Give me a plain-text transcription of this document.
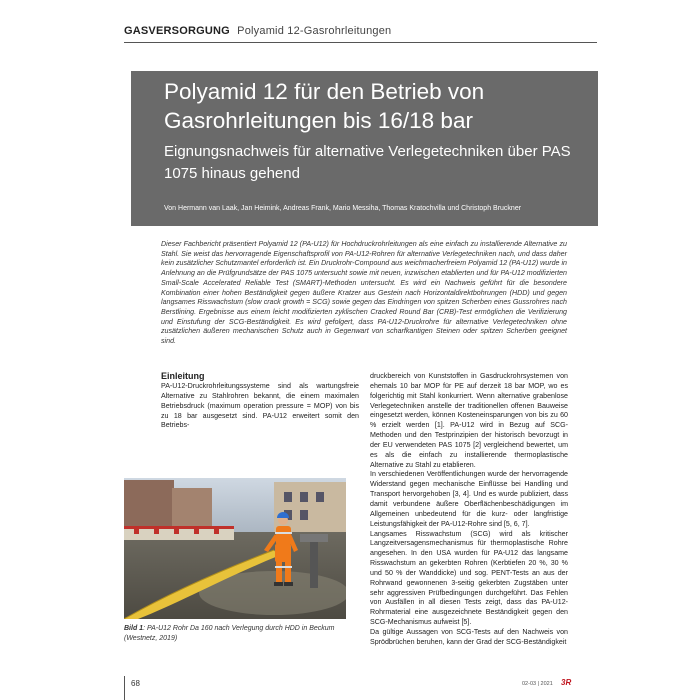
GASVERSORGUNG Polyamid 12-Gasrohrleitungen
Polyamid 12 für den Betrieb von Gasrohrleitungen bis 16/18 bar
Eignungsnachweis für alternative Verlegetechniken über PAS 1075 hinaus gehend
Von Hermann van Laak, Jan Heimink, Andreas Frank, Mario Messiha, Thomas Kratochvilla und Christoph Bruckner

Dieser Fachbericht präsentiert Polyamid 12 (PA-U12) für Hochdruckrohrleitungen als eine einfach zu installierende Alternative zu Stahl. Sie weist das hervorragende Eigenschaftsprofil von PA-U12-Rohren für alternative Verlegetechniken nach, und dass daher kein zusätzlicher Schutzmantel erforderlich ist. Ein Druckrohr-Compound aus weichmacherfreiem Polyamid 12 (PA-U12) wurde in Anlehnung an die Prüfgrundsätze der PAS 1075 untersucht sowie mit neuen, inzwischen etablierten und für PA-U12 modifizierten Small-Scale Accelerated Reliable Test (SMART)-Methoden untersucht. Es wird ein Nachweis geführt für die besondere Kombination einer hohen Beständigkeit gegen äußere Kratzer aus Gestein nach Horizontaldirektbohrungen (HDD) und gegen langsames Risswachstum (slow crack growth = SCG) sowie gegen das Eindringen von spitzen Scherben eines Gussrohres nach Berstlining. Ergebnisse aus einem leicht modifizierten zyklischen Cracked Round Bar (CRB)-Test ermöglichen die Verifizierung und Einstufung der SCG-Beständigkeit. Es wird gefolgert, dass PA-U12-Druckrohre für alternative Verlegetechniken ohne zusätzlichen äußeren mechanischen Schutz auch in Gegenwart von scharfkantigen Steinen oder spitzen Scherben geeignet sind.

Einleitung

PA-U12-Druckrohrleitungssysteme sind als wartungsfreie Alternative zu Stahlrohren bekannt, die einem maximalen Betriebsdruck (maximum operation pressure = MOP) von bis zu 18 bar ausgesetzt sind. PA-U12 erweitert somit den Betriebs-

Bild 1: PA-U12 Rohr Da 160 nach Verlegung durch HDD in Beckum (Westnetz, 2019)

druckbereich von Kunststoffen in Gasdruckrohrsystemen von ehemals 10 bar MOP für PE auf derzeit 18 bar MOP, wo es folgerichtig mit Stahl konkurriert. Wenn alternative grabenlose Verlegetechniken anstelle der traditionellen offenen Bauweise eingesetzt werden, können Kosteneinsparungen von bis zu 60 % erzielt werden [1]. PA-U12 wird in Bezug auf SCG-Methoden und den Testprinzipien der historisch bevorzugt in der EU verwendeten PAS 1075 [2] vergleichend bewertet, um es als die einfach zu installierende thermoplastische Alternative zu Stahl zu etablieren.

In verschiedenen Veröffentlichungen wurde der hervorragende Widerstand gegen mechanische Einflüsse bei Handling und Transport hervorgehoben [3, 4]. Und es wurde publiziert, dass damit verbundene äußere Oberflächenbeschädigungen im Allgemeinen unbedeutend für die kurz- oder langfristige Leistungsfähigkeit der PA-U12-Rohre sind [5, 6, 7].

Langsames Risswachstum (SCG) wird als kritischer Langzeitversagensmechanismus für thermoplastische Rohre angesehen. In den USA wurden für PA-U12 das langsame Risswachstum an gekerbten Rohren (Kerbtiefen 20 %, 30 % und 50 % der Wanddicke) und sog. PENT-Tests an aus der Rohrwand gewonnenen 3-seitig gekerbten Zugstäben unter sehr aggressiven Prüfbedingungen durchgeführt. Das Fehlen von Ausfällen in all diesen Tests zeigt, dass das PA-U12-Rohrmaterial eine ausgezeichnete Beständigkeit gegen den SCG-Mechanismus aufweist [5].

Da gültige Aussagen von SCG-Tests auf den Nachweis von Sprödbrüchen beruhen, kann der Grad der SCG-Beständigkeit

68	02-03 | 2021 3R
